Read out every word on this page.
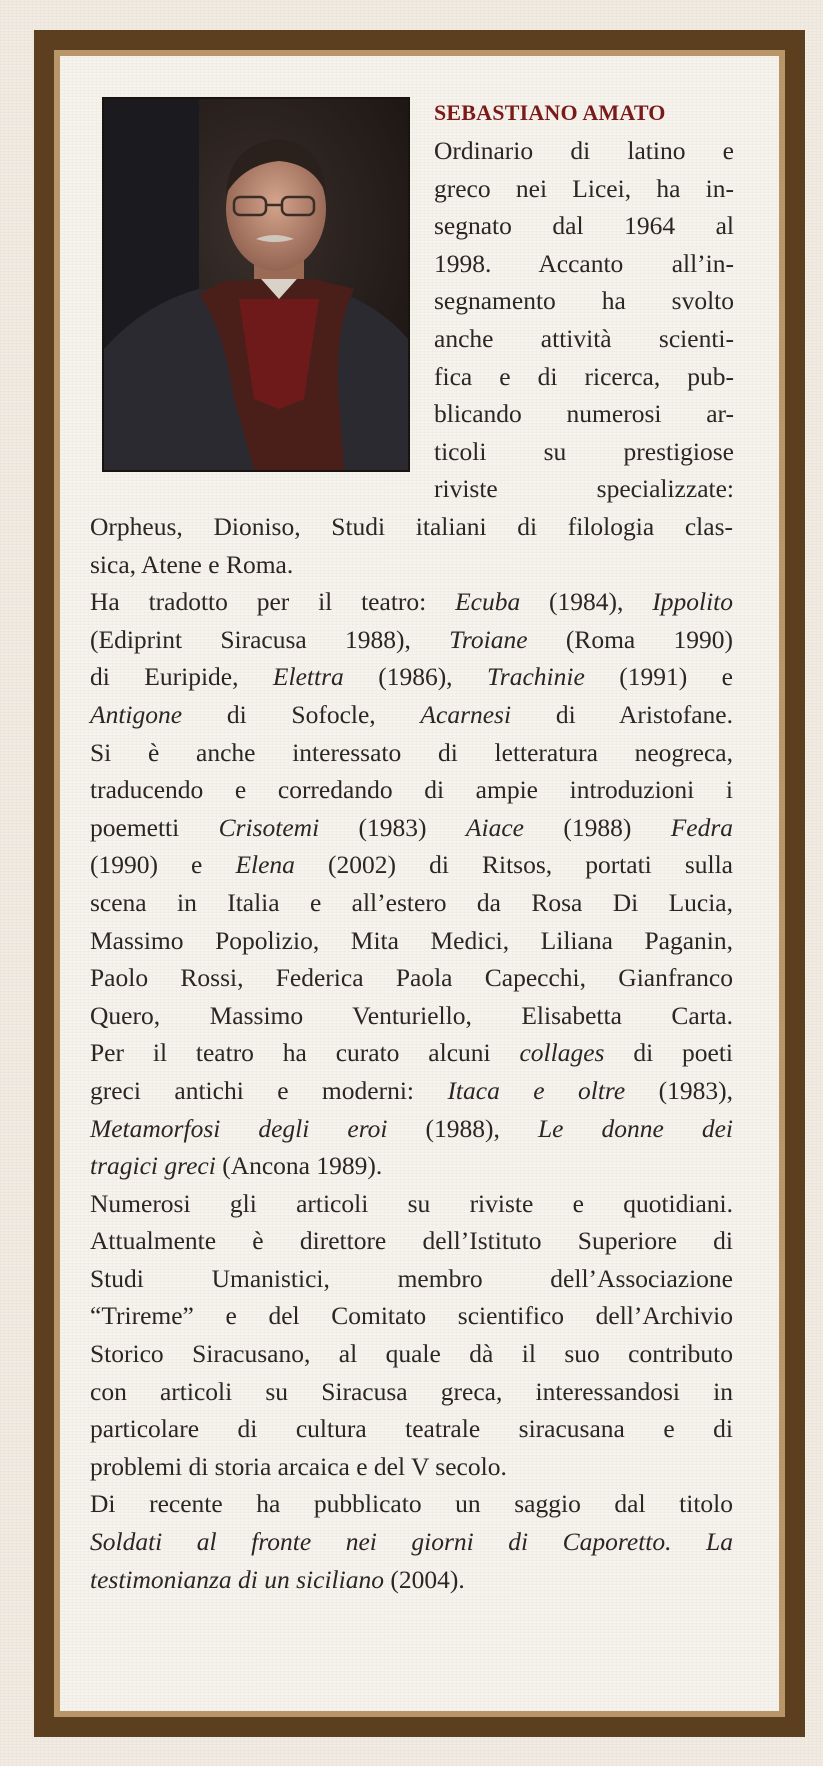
SEBASTIANO AMATO
Ordinario di latino e
greco nei Licei, ha in-
segnato dal 1964 al
1998. Accanto all’in-
segnamento ha svolto
anche attività scienti-
fica e di ricerca, pub-
blicando numerosi ar-
ticoli su prestigiose
riviste specializzate:
Orpheus, Dioniso, Studi italiani di filologia clas-
sica, Atene e Roma.
Ha tradotto per il teatro: Ecuba (1984), Ippolito
(Ediprint Siracusa 1988), Troiane (Roma 1990)
di Euripide, Elettra (1986), Trachinie (1991) e
Antigone di Sofocle, Acarnesi di Aristofane.
Si è anche interessato di letteratura neogreca,
traducendo e corredando di ampie introduzioni i
poemetti Crisotemi (1983) Aiace (1988) Fedra
(1990) e Elena (2002) di Ritsos, portati sulla
scena in Italia e all’estero da Rosa Di Lucia,
Massimo Popolizio, Mita Medici, Liliana Paganin,
Paolo Rossi, Federica Paola Capecchi, Gianfranco
Quero, Massimo Venturiello, Elisabetta Carta.
Per il teatro ha curato alcuni collages di poeti
greci antichi e moderni: Itaca e oltre (1983),
Metamorfosi degli eroi (1988), Le donne dei
tragici greci (Ancona 1989).
Numerosi gli articoli su riviste e quotidiani.
Attualmente è direttore dell’Istituto Superiore di
Studi Umanistici, membro dell’Associazione
“Trireme” e del Comitato scientifico dell’Archivio
Storico Siracusano, al quale dà il suo contributo
con articoli su Siracusa greca, interessandosi in
particolare di cultura teatrale siracusana e di
problemi di storia arcaica e del V secolo.
Di recente ha pubblicato un saggio dal titolo
Soldati al fronte nei giorni di Caporetto. La
testimonianza di un siciliano (2004).
